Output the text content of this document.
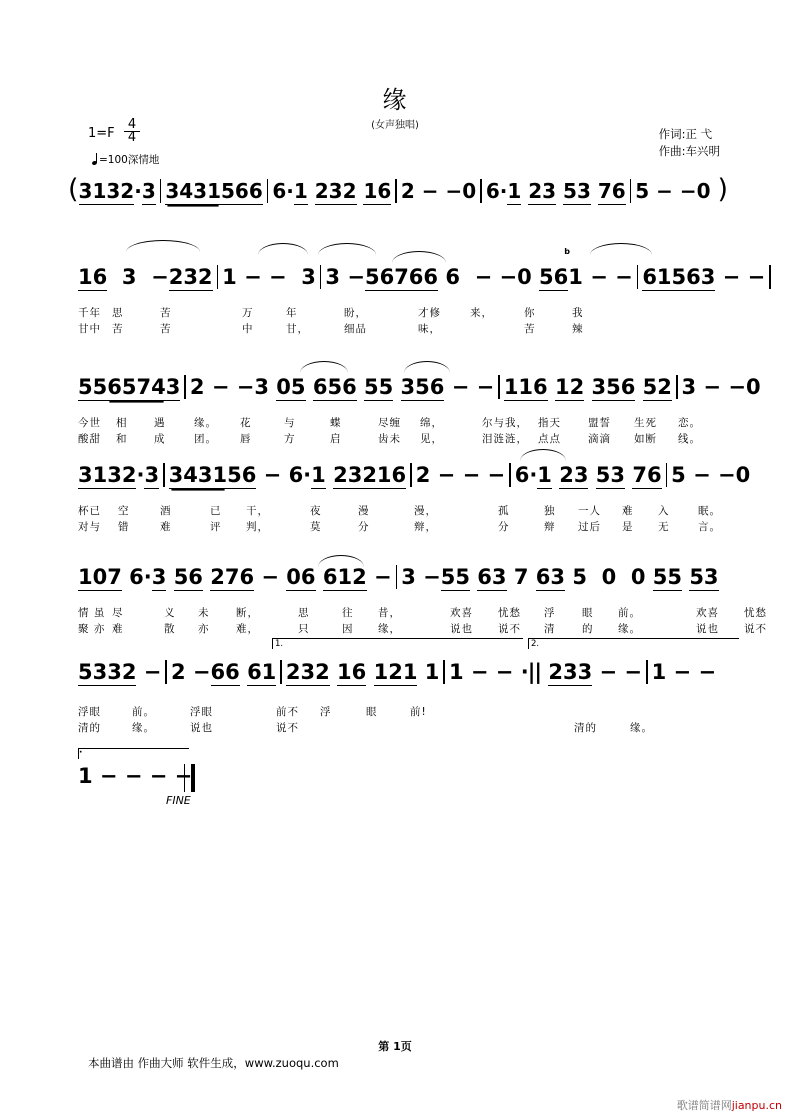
缘
(女声独唱)
$1=F \frac{4}{4}$
=100深情地
作词:正 弋
作曲:车兴明
(3132·3 3431566 6·1 232 16 2 − −0 6·1 23 53 76 5 − −0 )
16 3  −232 1 − −  3 3 −56766 6  − −0 561
b
− − 61563 − −
千年 思	苦	万	年	盼，	才修	来，	你	我
甘中 苦	苦	中	甘，	细品	味，	苦	辣
5565743 2 − −3 05 656 55 356 − − 116 12 356 52 3 − −0
今世 相	遇	缘。 花	与	蝶	尽缠 绵，	尔与我， 指天	盟誓 生死 恋。
酸甜 和	成	团。 唇	方	启	齿未 见，	泪涟涟， 点点	滴滴 如断 线。
3132·3 343156 − 6·1 23216 2 − − − 6·1 23 53 76 5 − −0
杯已 空	酒	已 干，	夜	漫	漫，	孤	独 一人 难 入	眠。
对与 错	难	评 判，	莫	分	辩，	分	辩 过后 是 无	言。
107 6·3 56 276 − 06 612 − 3 −55 63 7 63 5 0 0 55 53
情 虽 尽	义 未	断，	思	往 昔，	欢喜 忧愁 浮	眼 前。	欢喜 忧愁
聚 亦 难	散 亦	难，	只	因 缘，	说也 说不 清	的 缘。	说也 说不
1.	2.
5332 − 2 −66 61 232 16 121 1 1 − − ·|| 233 − − 1 − −
浮眼	前。	浮眼	前不 浮	眼	前!
清的	缘。	说也	说不	清的	缘。
1
·
− − − −
FINE
第 1页
本曲谱由 作曲大师 软件生成，www.zuoqu.com
歌谱简谱网jianpu.cn
